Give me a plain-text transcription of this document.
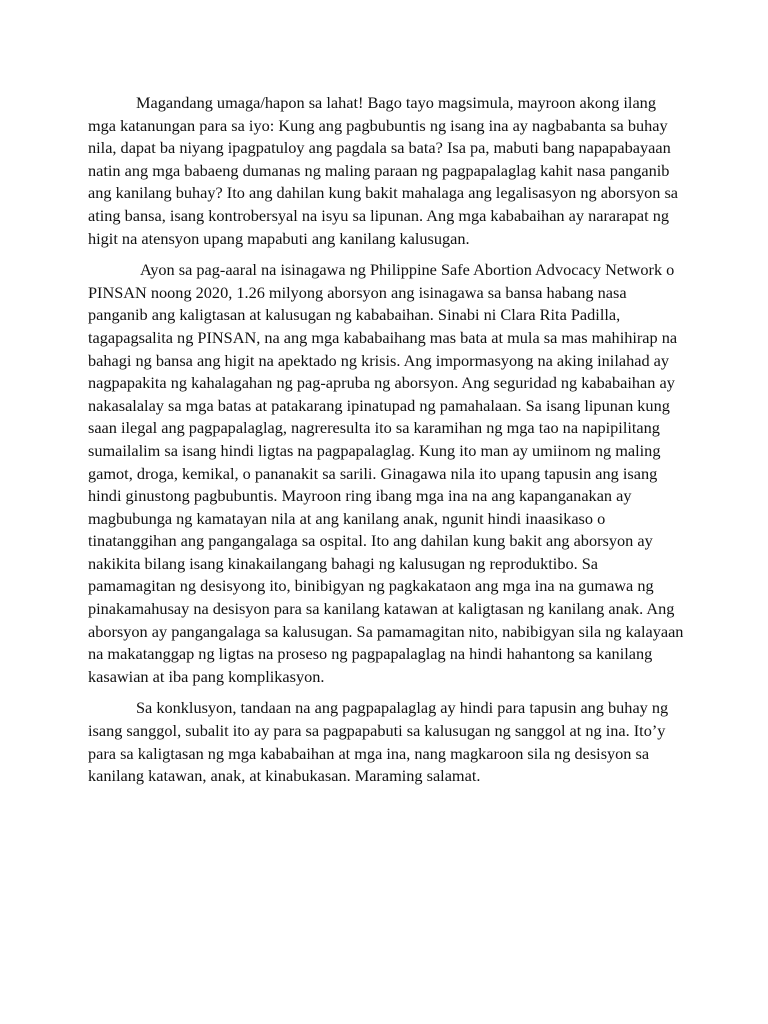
Magandang umaga/hapon sa lahat! Bago tayo magsimula, mayroon akong ilang mga katanungan para sa iyo: Kung ang pagbubuntis ng isang ina ay nagbabanta sa buhay nila, dapat ba niyang ipagpatuloy ang pagdala sa bata? Isa pa, mabuti bang napapabayaan natin ang mga babaeng dumanas ng maling paraan ng pagpapalaglag kahit nasa panganib ang kanilang buhay? Ito ang dahilan kung bakit mahalaga ang legalisasyon ng aborsyon sa ating bansa, isang kontrobersyal na isyu sa lipunan. Ang mga kababaihan ay nararapat ng higit na atensyon upang mapabuti ang kanilang kalusugan.

Ayon sa pag-aaral na isinagawa ng Philippine Safe Abortion Advocacy Network o PINSAN noong 2020, 1.26 milyong aborsyon ang isinagawa sa bansa habang nasa panganib ang kaligtasan at kalusugan ng kababaihan. Sinabi ni Clara Rita Padilla, tagapagsalita ng PINSAN, na ang mga kababaihang mas bata at mula sa mas mahihirap na bahagi ng bansa ang higit na apektado ng krisis. Ang impormasyong na aking inilahad ay nagpapakita ng kahalagahan ng pag-apruba ng aborsyon. Ang seguridad ng kababaihan ay nakasalalay sa mga batas at patakarang ipinatupad ng pamahalaan. Sa isang lipunan kung saan ilegal ang pagpapalaglag, nagreresulta ito sa karamihan ng mga tao na napipilitang sumailalim sa isang hindi ligtas na pagpapalaglag. Kung ito man ay umiinom ng maling gamot, droga, kemikal, o pananakit sa sarili. Ginagawa nila ito upang tapusin ang isang hindi ginustong pagbubuntis. Mayroon ring ibang mga ina na ang kapanganakan ay magbubunga ng kamatayan nila at ang kanilang anak, ngunit hindi inaasikaso o tinatanggihan ang pangangalaga sa ospital. Ito ang dahilan kung bakit ang aborsyon ay nakikita bilang isang kinakailangang bahagi ng kalusugan ng reproduktibo. Sa pamamagitan ng desisyong ito, binibigyan ng pagkakataon ang mga ina na gumawa ng pinakamahusay na desisyon para sa kanilang katawan at kaligtasan ng kanilang anak. Ang aborsyon ay pangangalaga sa kalusugan. Sa pamamagitan nito, nabibigyan sila ng kalayaan na makatanggap ng ligtas na proseso ng pagpapalaglag na hindi hahantong sa kanilang kasawian at iba pang komplikasyon.

Sa konklusyon, tandaan na ang pagpapalaglag ay hindi para tapusin ang buhay ng isang sanggol, subalit ito ay para sa pagpapabuti sa kalusugan ng sanggol at ng ina. Ito’y para sa kaligtasan ng mga kababaihan at mga ina, nang magkaroon sila ng desisyon sa kanilang katawan, anak, at kinabukasan. Maraming salamat.
